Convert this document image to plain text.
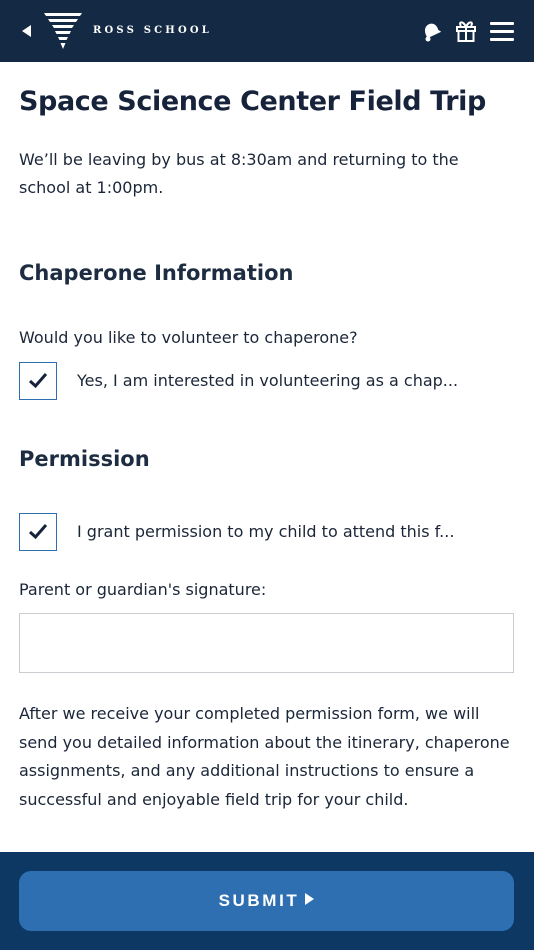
ROSS SCHOOL
Space Science Center Field Trip

We’ll be leaving by bus at 8:30am and returning to the school at 1:00pm.

Chaperone Information

Would you like to volunteer to chaperone?

Yes, I am interested in volunteering as a chap...
Permission
I grant permission to my child to attend this f...
Parent or guardian's signature:

After we receive your completed permission form, we will send you detailed information about the itinerary, chaperone assignments, and any additional instructions to ensure a successful and enjoyable field trip for your child.

SUBMIT
